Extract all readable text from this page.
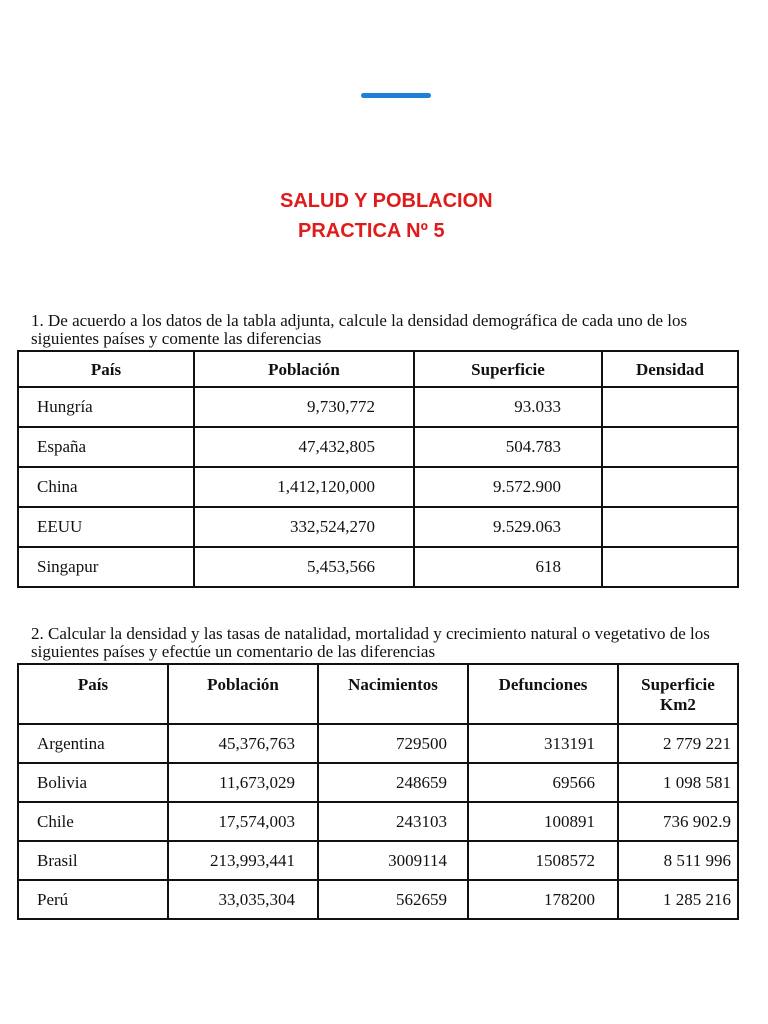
SALUD Y POBLACION
PRACTICA Nº 5
1. De acuerdo a los datos de la tabla adjunta, calcule la densidad demográfica de cada uno de los siguientes países y comente las diferencias
País	Población	Superficie	Densidad
Hungría	9,730,772	93.033	
España	47,432,805	504.783	
China	1,412,120,000	9.572.900	
EEUU	332,524,270	9.529.063	
Singapur	5,453,566	618	
2. Calcular la densidad y las tasas de natalidad, mortalidad y crecimiento natural o vegetativo de los siguientes países y efectúe un comentario de las diferencias
País	Población	Nacimientos	Defunciones	Superficie
Km2
Argentina	45,376,763	729500	313191	2 779 221
Bolivia	11,673,029	248659	69566	1 098 581
Chile	17,574,003	243103	100891	736 902.9
Brasil	213,993,441	3009114	1508572	8 511 996
Perú	33,035,304	562659	178200	1 285 216
